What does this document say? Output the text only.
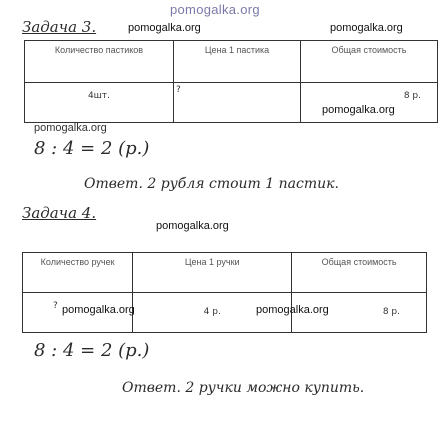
pomogalka.org
Задача 3.	pomogalka.org	pomogalka.org
Количество пастиков	Цена 1 пастика	Общая стоимость

4шт.	?	8 р.
pomogalka.org
pomogalka.org
8 : 4 = 2 (р.)
Ответ. 2 рубля стоит 1 пастик.
Задача 4.
pomogalka.org
Количество ручек	Цена 1 ручки	Общая стоимость

?	4 р.	8 р.
pomogalka.org	pomogalka.org
8 : 4 = 2 (р.)
Ответ. 2 ручки можно купить.
